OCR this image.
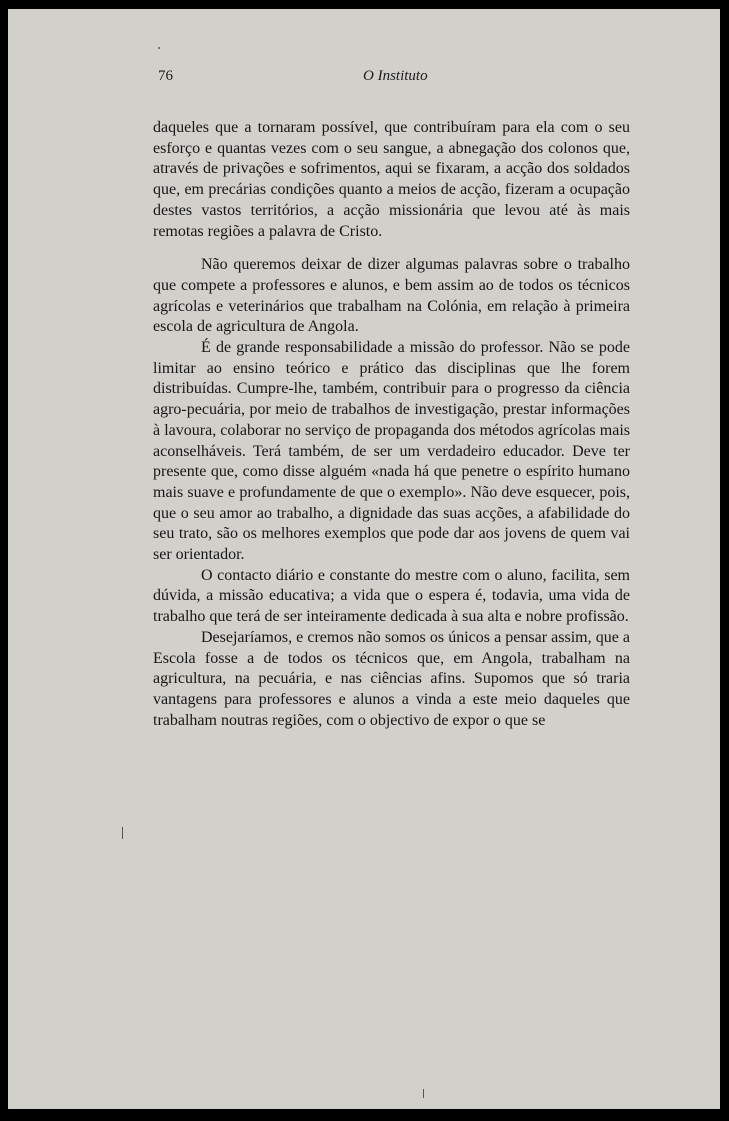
76	O Instituto

daqueles que a tornaram possível, que contribuíram para ela com o seu esforço e quantas vezes com o seu sangue, a abnegação dos colonos que, através de privações e sofrimentos, aqui se fixaram, a acção dos soldados que, em precárias condições quanto a meios de acção, fizeram a ocupação destes vastos territórios, a acção missionária que levou até às mais remotas regiões a palavra de Cristo.

Não queremos deixar de dizer algumas palavras sobre o trabalho que compete a professores e alunos, e bem assim ao de todos os técnicos agrícolas e veterinários que trabalham na Colónia, em relação à primeira escola de agricultura de Angola.

É de grande responsabilidade a missão do professor. Não se pode limitar ao ensino teórico e prático das disciplinas que lhe forem distribuídas. Cumpre-lhe, também, contribuir para o progresso da ciência agro-pecuária, por meio de trabalhos de investigação, prestar informações à lavoura, colaborar no serviço de propaganda dos métodos agrícolas mais aconselháveis. Terá também, de ser um verdadeiro educador. Deve ter presente que, como disse alguém «nada há que penetre o espírito humano mais suave e profundamente de que o exemplo». Não deve esquecer, pois, que o seu amor ao trabalho, a dignidade das suas acções, a afabilidade do seu trato, são os melhores exemplos que pode dar aos jovens de quem vai ser orientador.

O contacto diário e constante do mestre com o aluno, facilita, sem dúvida, a missão educativa; a vida que o espera é, todavia, uma vida de trabalho que terá de ser inteiramente dedicada à sua alta e nobre profissão.

Desejaríamos, e cremos não somos os únicos a pensar assim, que a Escola fosse a de todos os técnicos que, em Angola, trabalham na agricultura, na pecuária, e nas ciências afins. Supomos que só traria vantagens para professores e alunos a vinda a este meio daqueles que trabalham noutras regiões, com o objectivo de expor o que se
